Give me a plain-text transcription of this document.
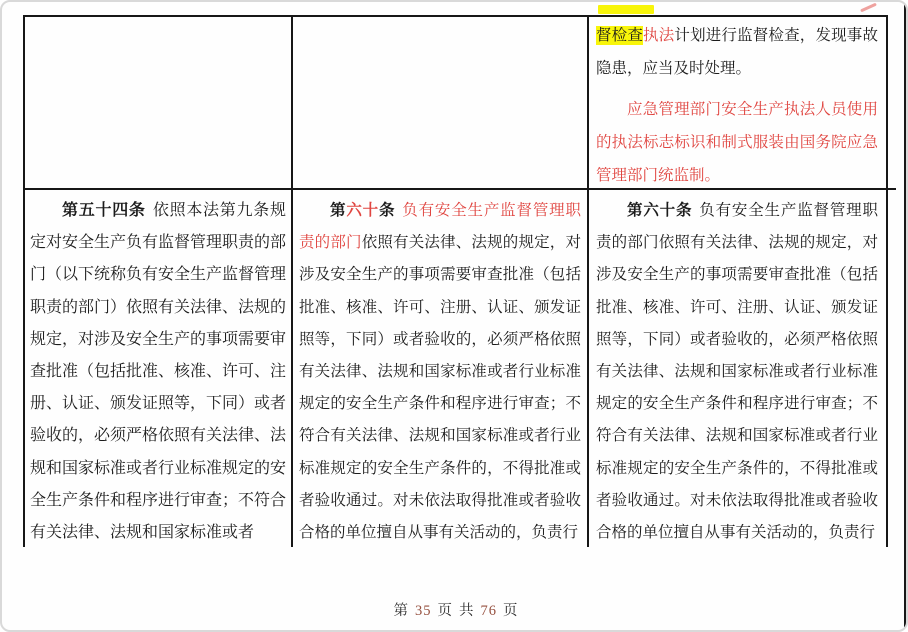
督检查执法计划进行监督检查，发现事故隐患，应当及时处理。

应急管理部门安全生产执法人员使用的执法标志标识和制式服装由国务院应急管理部门统监制。

第五十四条 依照本法第九条规定对安全生产负有监督管理职责的部门（以下统称负有安全生产监督管理职责的部门）依照有关法律、法规的规定，对涉及安全生产的事项需要审查批准（包括批准、核准、许可、注册、认证、颁发证照等，下同）或者验收的，必须严格依照有关法律、法规和国家标准或者行业标准规定的安全生产条件和程序进行审查；不符合有关法律、法规和国家标准或者

第六十条 负有安全生产监督管理职责的部门依照有关法律、法规的规定，对涉及安全生产的事项需要审查批准（包括批准、核准、许可、注册、认证、颁发证照等，下同）或者验收的，必须严格依照有关法律、法规和国家标准或者行业标准规定的安全生产条件和程序进行审查；不符合有关法律、法规和国家标准或者行业标准规定的安全生产条件的，不得批准或者验收通过。对未依法取得批准或者验收合格的单位擅自从事有关活动的，负责行

第六十条 负有安全生产监督管理职责的部门依照有关法律、法规的规定，对涉及安全生产的事项需要审查批准（包括批准、核准、许可、注册、认证、颁发证照等，下同）或者验收的，必须严格依照有关法律、法规和国家标准或者行业标准规定的安全生产条件和程序进行审查；不符合有关法律、法规和国家标准或者行业标准规定的安全生产条件的，不得批准或者验收通过。对未依法取得批准或者验收合格的单位擅自从事有关活动的，负责行

第 35 页 共 76 页
